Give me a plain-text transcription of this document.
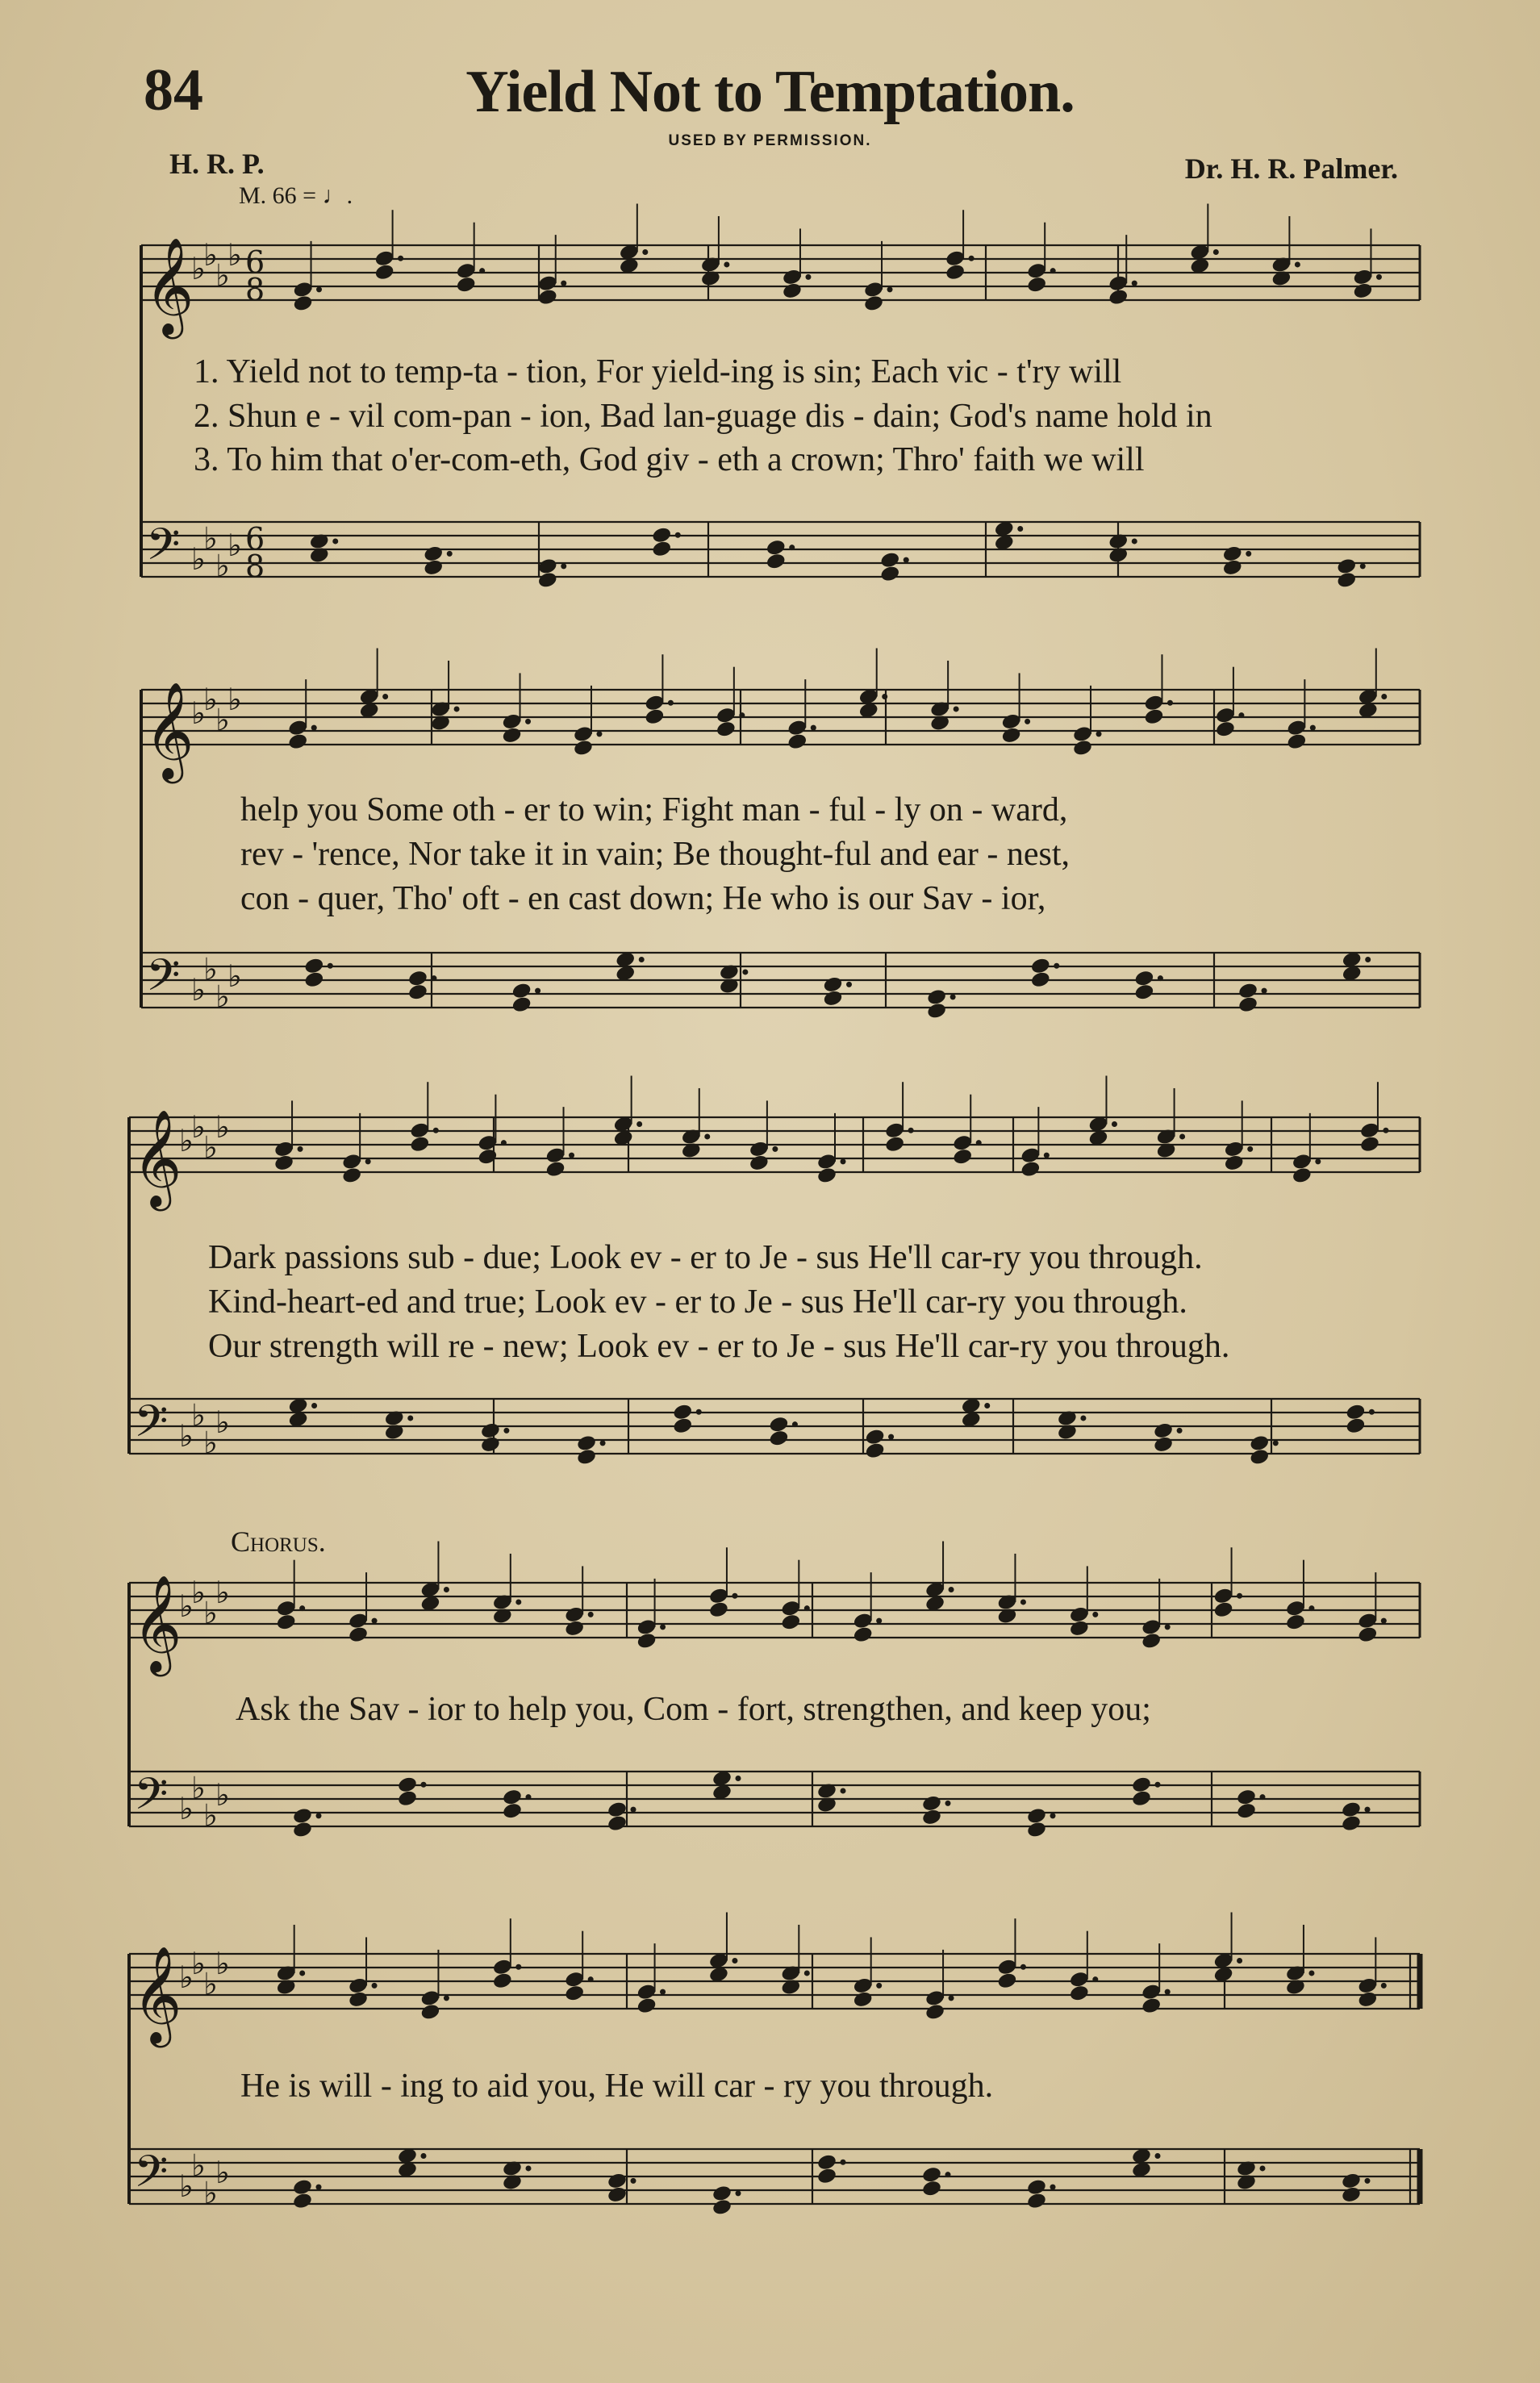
84	Yield Not to Temptation.
USED BY PERMISSION.
H. R. P.	Dr. H. R. Palmer.
M. 66 = ♩.
𝄞
♭
♭
♭
♭
𝄢 ♭
♭
♭
♭
𝄞
♭
♭
♭
♭
𝄢 ♭
♭
♭
♭
𝄞
♭
♭
♭
♭
𝄢 ♭
♭
♭
♭
𝄞
♭
♭
♭
♭
𝄢 ♭
♭
♭
♭
𝄞
♭
♭
♭
♭
𝄢 ♭
♭
♭
♭
6
8
6
8
1. Yield not to temp-ta - tion, For yield-ing is sin; Each vic - t'ry will
2. Shun e - vil com-pan - ion, Bad lan-guage dis - dain; God's name hold in
3. To him that o'er-com-eth, God giv - eth a crown; Thro' faith we will
help you Some oth - er to win; Fight man - ful - ly on - ward,
rev - 'rence, Nor take it in vain; Be thought-ful and ear - nest,
con - quer, Tho' oft - en cast down; He who is our Sav - ior,
Dark passions sub - due; Look ev - er to Je - sus He'll car-ry you through.
Kind-heart-ed and true; Look ev - er to Je - sus He'll car-ry you through.
Our strength will re - new; Look ev - er to Je - sus He'll car-ry you through.
Chorus.
Ask the Sav - ior to help you, Com - fort, strengthen, and keep you;
He is will - ing to aid you, He will car - ry you through.
